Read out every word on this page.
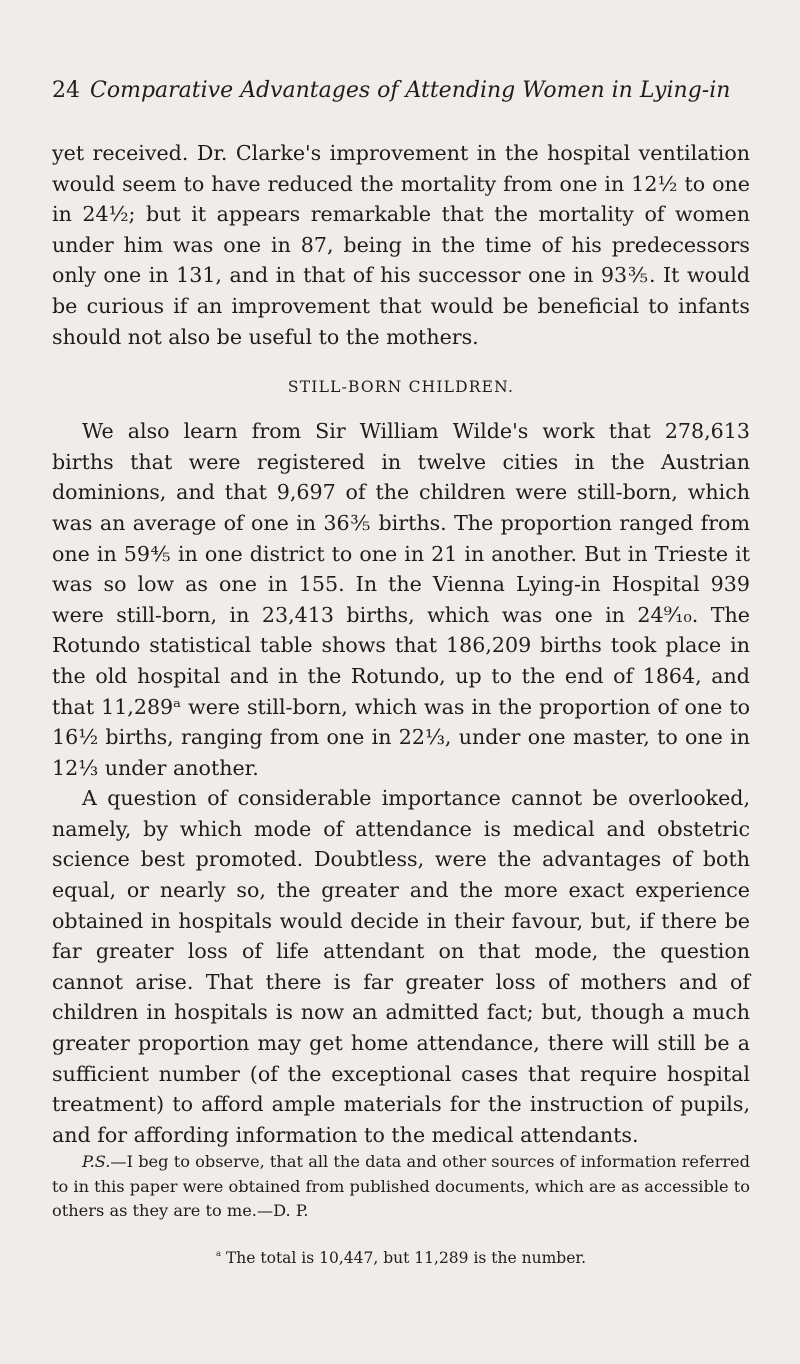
24 Comparative Advantages of Attending Women in Lying-in

yet received. Dr. Clarke's improvement in the hospital ventilation would seem to have reduced the mortality from one in 12½ to one in 24½; but it appears remarkable that the mortality of women under him was one in 87, being in the time of his predecessors only one in 131, and in that of his successor one in 93⅗. It would be curious if an improvement that would be beneficial to infants should not also be useful to the mothers.

STILL-BORN CHILDREN.

We also learn from Sir William Wilde's work that 278,613 births that were registered in twelve cities in the Austrian dominions, and that 9,697 of the children were still-born, which was an average of one in 36⅗ births. The proportion ranged from one in 59⅘ in one district to one in 21 in another. But in Trieste it was so low as one in 155. In the Vienna Lying-in Hospital 939 were still-born, in 23,413 births, which was one in 24⁹⁄₁₀. The Rotundo statistical table shows that 186,209 births took place in the old hospital and in the Rotundo, up to the end of 1864, and that 11,289ᵃ were still-born, which was in the proportion of one to 16½ births, ranging from one in 22⅓, under one master, to one in 12⅓ under another.

A question of considerable importance cannot be overlooked, namely, by which mode of attendance is medical and obstetric science best promoted. Doubtless, were the advantages of both equal, or nearly so, the greater and the more exact experience obtained in hospitals would decide in their favour, but, if there be far greater loss of life attendant on that mode, the question cannot arise. That there is far greater loss of mothers and of children in hospitals is now an admitted fact; but, though a much greater proportion may get home attendance, there will still be a sufficient number (of the exceptional cases that require hospital treatment) to afford ample materials for the instruction of pupils, and for affording information to the medical attendants.

P.S.—I beg to observe, that all the data and other sources of information referred to in this paper were obtained from published documents, which are as accessible to others as they are to me.—D. P.

$^a$ The total is 10,447, but 11,289 is the number.
